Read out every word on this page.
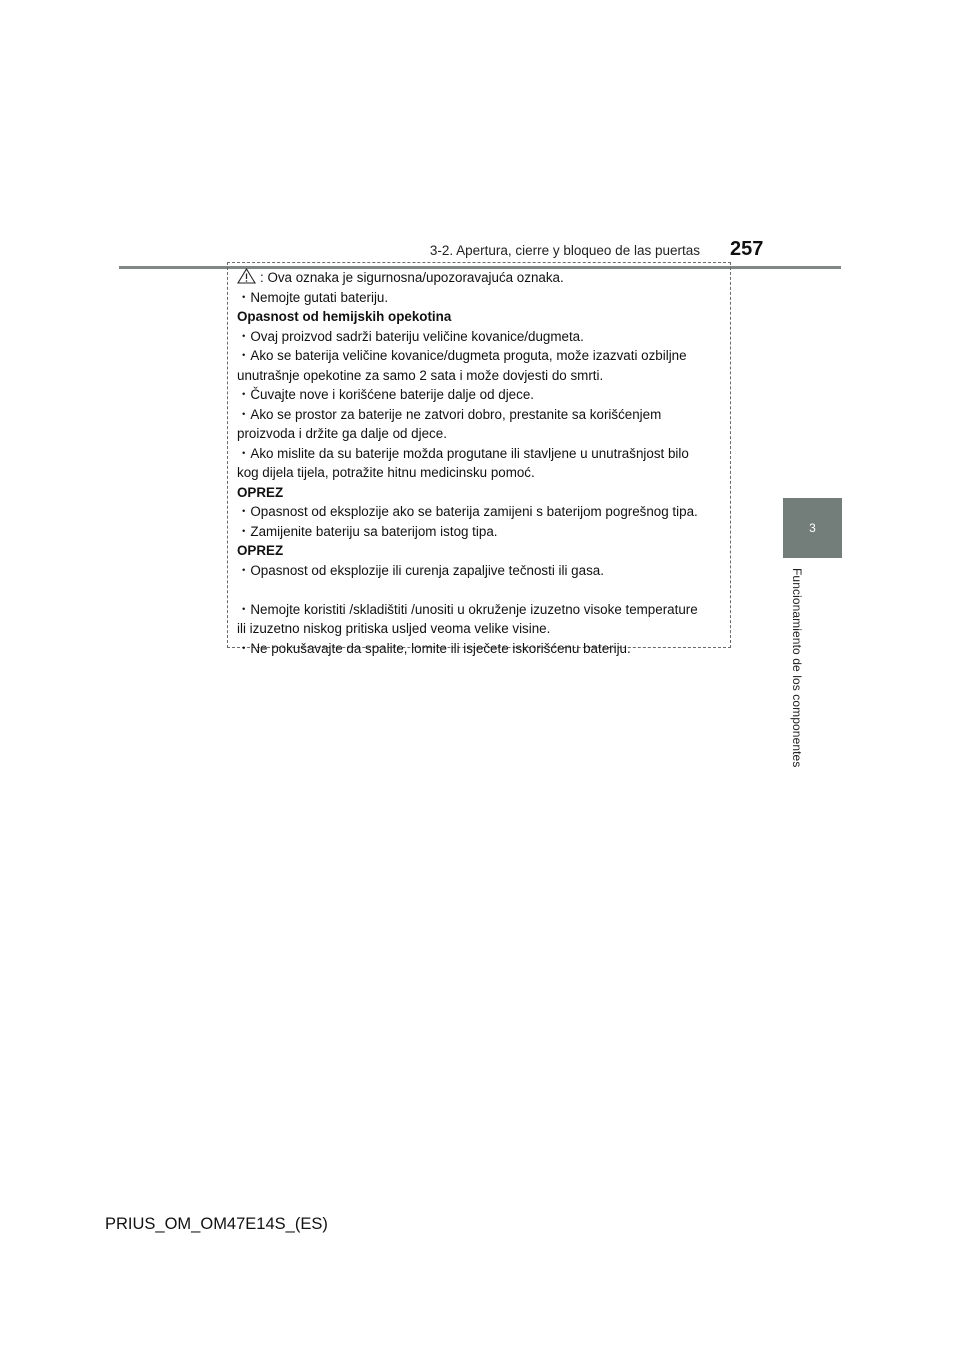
3-2. Apertura, cierre y bloqueo de las puertas 257
3
Funcionamiento de los componentes
: Ova oznaka je sigurnosna/upozoravajuća oznaka.
・Nemojte gutati bateriju.
Opasnost od hemijskih opekotina
・Ovaj proizvod sadrži bateriju veličine kovanice/dugmeta.
・Ako se baterija veličine kovanice/dugmeta proguta, može izazvati ozbiljne
unutrašnje opekotine za samo 2 sata i može dovjesti do smrti.
・Čuvajte nove i korišćene baterije dalje od djece.
・Ako se prostor za baterije ne zatvori dobro, prestanite sa korišćenjem
proizvoda i držite ga dalje od djece.
・Ako mislite da su baterije možda progutane ili stavljene u unutrašnjost bilo
kog dijela tijela, potražite hitnu medicinsku pomoć.
OPREZ
・Opasnost od eksplozije ako se baterija zamijeni s baterijom pogrešnog tipa.
・Zamijenite bateriju sa baterijom istog tipa.
OPREZ
・Opasnost od eksplozije ili curenja zapaljive tečnosti ili gasa.
・Nemojte koristiti /skladištiti /unositi u okruženje izuzetno visoke temperature
ili izuzetno niskog pritiska usljed veoma velike visine.
・Ne pokušavajte da spalite, lomite ili isječete iskorišćenu bateriju.
PRIUS_OM_OM47E14S_(ES)
